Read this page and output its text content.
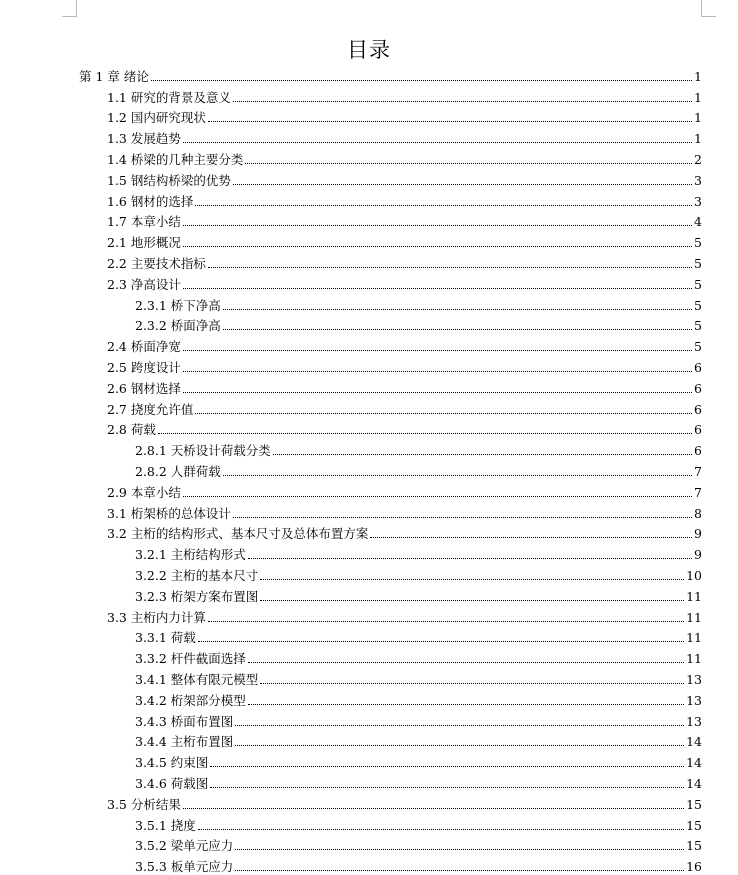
目录
第 1 章 绪论	1
1.1 研究的背景及意义	1
1.2 国内研究现状	1
1.3 发展趋势	1
1.4 桥梁的几种主要分类	2
1.5 钢结构桥梁的优势	3
1.6 钢材的选择	3
1.7 本章小结	4
2.1 地形概况	5
2.2 主要技术指标	5
2.3 净高设计	5
2.3.1 桥下净高	5
2.3.2 桥面净高	5
2.4 桥面净宽	5
2.5 跨度设计	6
2.6 钢材选择	6
2.7 挠度允许值	6
2.8 荷载	6
2.8.1 天桥设计荷载分类	6
2.8.2 人群荷载	7
2.9 本章小结	7
3.1 桁架桥的总体设计	8
3.2 主桁的结构形式、基本尺寸及总体布置方案	9
3.2.1 主桁结构形式	9
3.2.2 主桁的基本尺寸	10
3.2.3 桁架方案布置图	11
3.3 主桁内力计算	11
3.3.1 荷载	11
3.3.2 杆件截面选择	11
3.4.1 整体有限元模型	13
3.4.2 桁架部分模型	13
3.4.3 桥面布置图	13
3.4.4 主桁布置图	14
3.4.5 约束图	14
3.4.6 荷载图	14
3.5 分析结果	15
3.5.1 挠度	15
3.5.2 梁单元应力	15
3.5.3 板单元应力	16
